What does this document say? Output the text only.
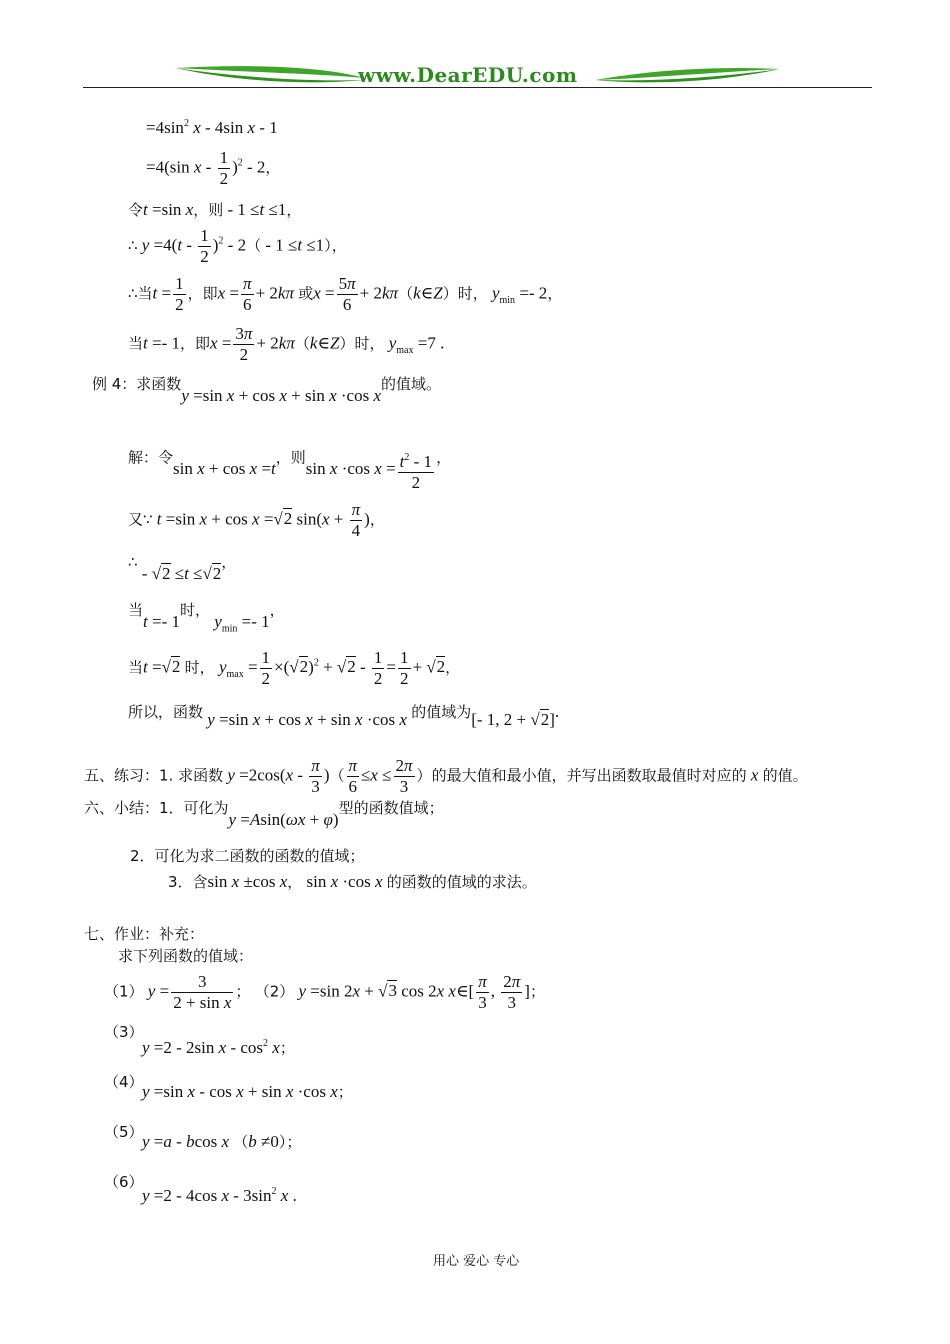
www.DearEDU.com
$=4\sin^2$ x - 4sin x - 1
=4(sin x - $\frac{1}{2} )^2 - 2$，
令t =sin x，则 - 1 ≤t ≤1，
∴ $y =4(t - \frac{1}{2} )^2 - 2( - 1 \le t \le 1)$，
∴当$t = \frac{1}{2}$ ，即$x = \frac{\pi}{6} + 2k\pi$ 或$x = \frac{5\pi}{6}$ + 2kπ（k∈Z）时， $y_{min} =- 2$，
当t =- 1，即$x = \frac{3\pi}{2}$ + 2kπ（k∈Z）时， $y_{max} =7$ .
例 4：求函数y =sin x + cos x + sin x ·cos x的值域。
解：令sin x + cos x =t，则sin x ·cos $x = \frac{t^2 - 1}{2}$ ，
又∵ t =sin x + cos x =√2 $\sin(x + \frac{\pi}{4}$ )，
∴ - √2 ≤t ≤√2，
当t =- 1时， $y_{min} =- 1$，
当t =√2 时， $y_{max} = \frac{1}{2} \times(√2)^2 + √2 - \frac{1}{2} = \frac{1}{2} + √2$，
所以，函数 y =sin x + cos x + sin x ·cos x 的值域为[- 1, 2 + √2].
五、练习：1. 求函数 $y =2\cos(x - \frac{\pi}{3}$ )（ $\frac{\pi}{6} \le x \le \frac{2\pi}{3}$ ）的最大值和最小值，并写出函数取最值时对应的 x 的值。
六、小结：1．可化为y =Asin(ωx + φ)型的函数值域；
2．可化为求二函数的函数的值域；
3．含sin x ±cos x， sin x ·cos x 的函数的值域的求法。
七、作业：补充：
求下列函数的值域：
（1） $y = \frac{3}{\text{2 + sin x}}$ ； （2） y =sin 2x + √3 cos 2x x∈[ $\frac{\pi}{3}$ , $\frac{2\pi}{3}$ ]；
（3）
y =2 - 2sin x - $\cos^2 x$；
（4）
y =sin x - cos x + sin x ·cos x；
（5）
y =a - bcos x （b ≠0）；
（6）
y =2 - 4cos x - $3\sin^2$ x .
用心 爱心 专心
